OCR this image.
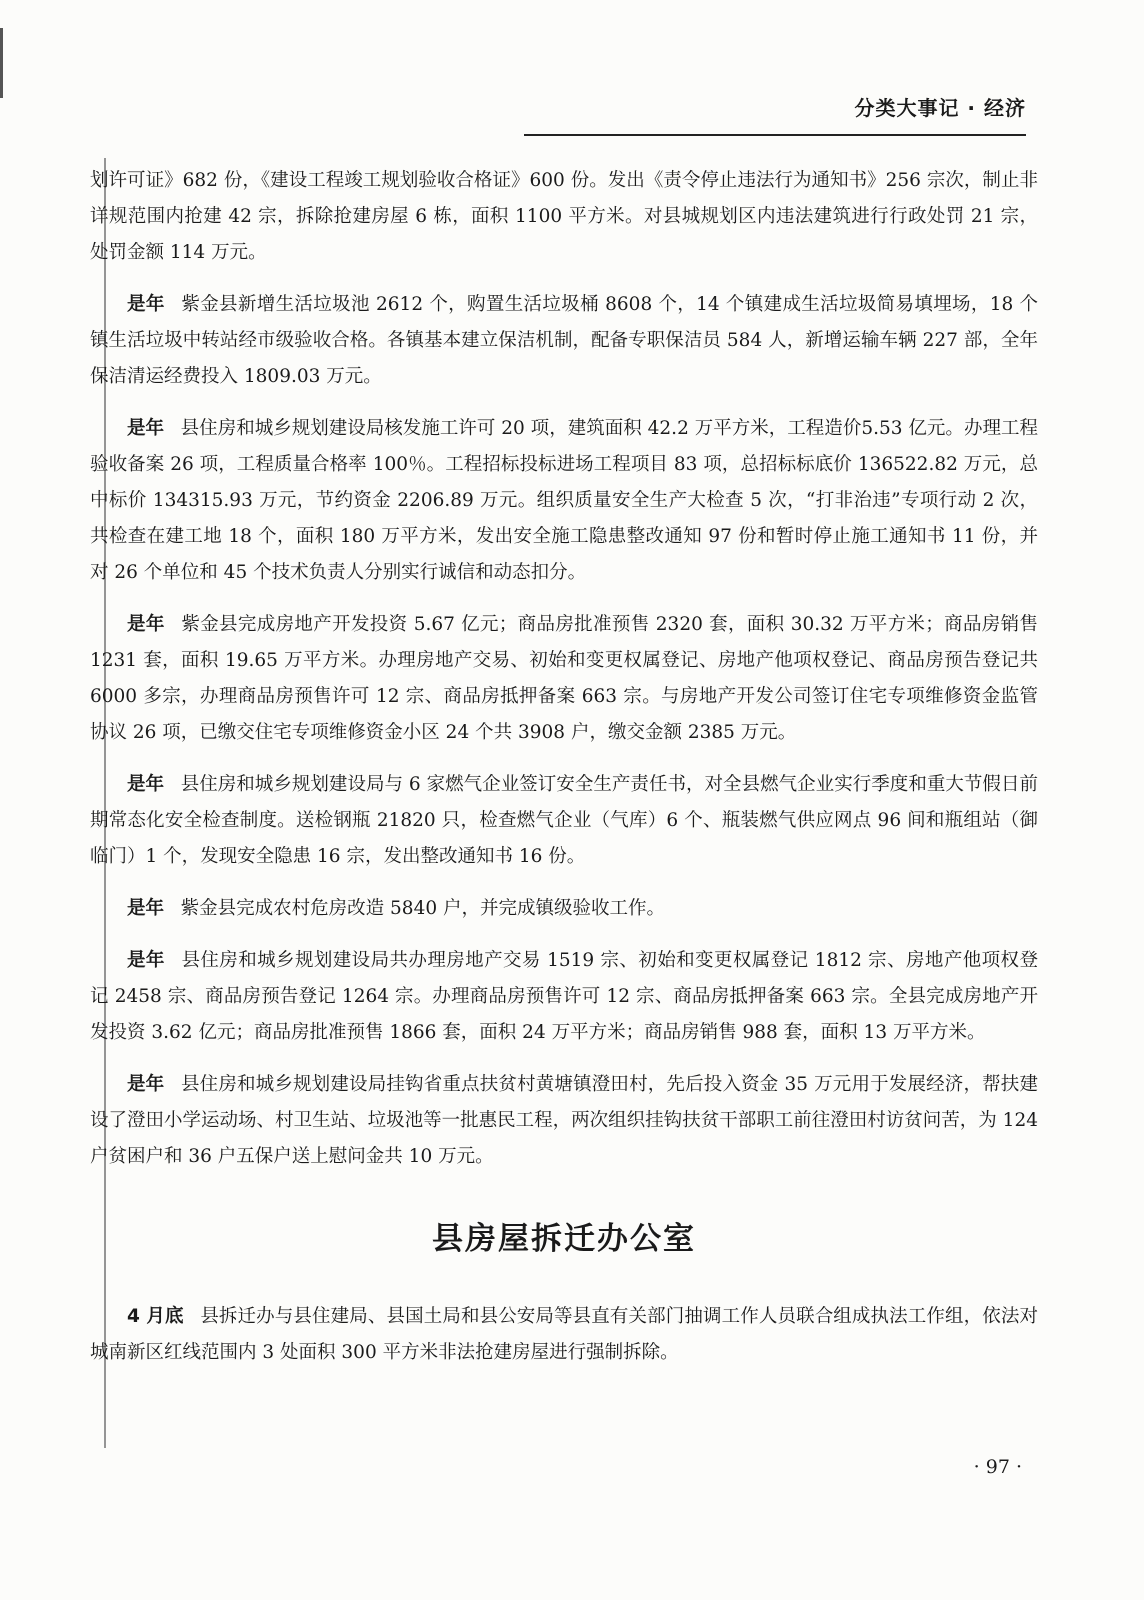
分类大事记 · 经济

划许可证》682 份，《建设工程竣工规划验收合格证》600 份。发出《责令停止违法行为通知书》256 宗次，制止非详规范围内抢建 42 宗，拆除抢建房屋 6 栋，面积 1100 平方米。对县城规划区内违法建筑进行行政处罚 21 宗，处罚金额 114 万元。

是年 紫金县新增生活垃圾池 2612 个，购置生活垃圾桶 8608 个，14 个镇建成生活垃圾简易填埋场，18 个镇生活垃圾中转站经市级验收合格。各镇基本建立保洁机制，配备专职保洁员 584 人，新增运输车辆 227 部，全年保洁清运经费投入 1809.03 万元。

是年 县住房和城乡规划建设局核发施工许可 20 项，建筑面积 42.2 万平方米，工程造价5.53 亿元。办理工程验收备案 26 项，工程质量合格率 100％。工程招标投标进场工程项目 83 项，总招标标底价 136522.82 万元，总中标价 134315.93 万元，节约资金 2206.89 万元。组织质量安全生产大检查 5 次，“打非治违”专项行动 2 次，共检查在建工地 18 个，面积 180 万平方米，发出安全施工隐患整改通知 97 份和暂时停止施工通知书 11 份，并对 26 个单位和 45 个技术负责人分别实行诚信和动态扣分。

是年 紫金县完成房地产开发投资 5.67 亿元；商品房批准预售 2320 套，面积 30.32 万平方米；商品房销售 1231 套，面积 19.65 万平方米。办理房地产交易、初始和变更权属登记、房地产他项权登记、商品房预告登记共 6000 多宗，办理商品房预售许可 12 宗、商品房抵押备案 663 宗。与房地产开发公司签订住宅专项维修资金监管协议 26 项，已缴交住宅专项维修资金小区 24 个共 3908 户，缴交金额 2385 万元。

是年 县住房和城乡规划建设局与 6 家燃气企业签订安全生产责任书，对全县燃气企业实行季度和重大节假日前期常态化安全检查制度。送检钢瓶 21820 只，检查燃气企业（气库）6 个、瓶装燃气供应网点 96 间和瓶组站（御临门）1 个，发现安全隐患 16 宗，发出整改通知书 16 份。

是年 紫金县完成农村危房改造 5840 户，并完成镇级验收工作。

是年 县住房和城乡规划建设局共办理房地产交易 1519 宗、初始和变更权属登记 1812 宗、房地产他项权登记 2458 宗、商品房预告登记 1264 宗。办理商品房预售许可 12 宗、商品房抵押备案 663 宗。全县完成房地产开发投资 3.62 亿元；商品房批准预售 1866 套，面积 24 万平方米；商品房销售 988 套，面积 13 万平方米。

是年 县住房和城乡规划建设局挂钩省重点扶贫村黄塘镇澄田村，先后投入资金 35 万元用于发展经济，帮扶建设了澄田小学运动场、村卫生站、垃圾池等一批惠民工程，两次组织挂钩扶贫干部职工前往澄田村访贫问苦，为 124 户贫困户和 36 户五保户送上慰问金共 10 万元。

县房屋拆迁办公室

4 月底 县拆迁办与县住建局、县国土局和县公安局等县直有关部门抽调工作人员联合组成执法工作组，依法对城南新区红线范围内 3 处面积 300 平方米非法抢建房屋进行强制拆除。

· 97 ·
